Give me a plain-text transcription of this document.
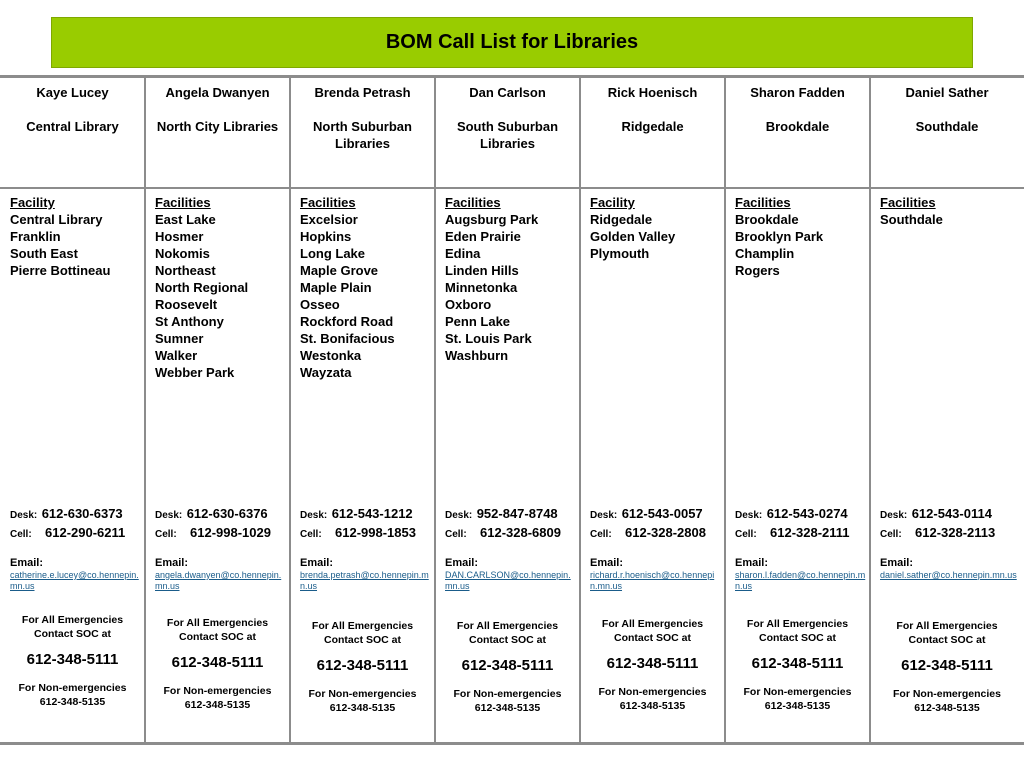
BOM Call List for Libraries
Kaye Lucey
Central Library
Facility
Central Library
Franklin
South East
Pierre Bottineau
Desk: 612-630-6373
Cell: 612-290-6211
Email:
catherine.e.lucey@co.hennepin.mn.us
For All Emergencies
Contact SOC at
612-348-5111
For Non-emergencies
612-348-5135
Angela Dwanyen
North City Libraries
Facilities
East Lake
Hosmer
Nokomis
Northeast
North Regional
Roosevelt
St Anthony
Sumner
Walker
Webber Park
Desk: 612-630-6376
Cell: 612-998-1029
Email:
angela.dwanyen@co.hennepin.mn.us
For All Emergencies
Contact SOC at
612-348-5111
For Non-emergencies
612-348-5135
Brenda Petrash
North Suburban Libraries
Facilities
Excelsior
Hopkins
Long Lake
Maple Grove
Maple Plain
Osseo
Rockford Road
St. Bonifacious
Westonka
Wayzata
Desk: 612-543-1212
Cell: 612-998-1853
Email:
brenda.petrash@co.hennepin.mn.us
For All Emergencies
Contact SOC at
612-348-5111
For Non-emergencies
612-348-5135
Dan Carlson
South Suburban Libraries
Facilities
Augsburg Park
Eden Prairie
Edina
Linden Hills
Minnetonka
Oxboro
Penn Lake
St. Louis Park
Washburn
Desk: 952-847-8748
Cell: 612-328-6809
Email:
DAN.CARLSON@co.hennepin.mn.us
For All Emergencies
Contact SOC at
612-348-5111
For Non-emergencies
612-348-5135
Rick Hoenisch
Ridgedale
Facility
Ridgedale
Golden Valley
Plymouth
Desk: 612-543-0057
Cell: 612-328-2808
Email:
richard.r.hoenisch@co.hennepin.mn.us
For All Emergencies
Contact SOC at
612-348-5111
For Non-emergencies
612-348-5135
Sharon Fadden
Brookdale
Facilities
Brookdale
Brooklyn Park
Champlin
Rogers
Desk: 612-543-0274
Cell: 612-328-2111
Email:
sharon.l.fadden@co.hennepin.mn.us
For All Emergencies
Contact SOC at
612-348-5111
For Non-emergencies
612-348-5135
Daniel Sather
Southdale
Facilities
Southdale
Desk: 612-543-0114
Cell: 612-328-2113
Email:
daniel.sather@co.hennepin.mn.us
For All Emergencies
Contact SOC at
612-348-5111
For Non-emergencies
612-348-5135
